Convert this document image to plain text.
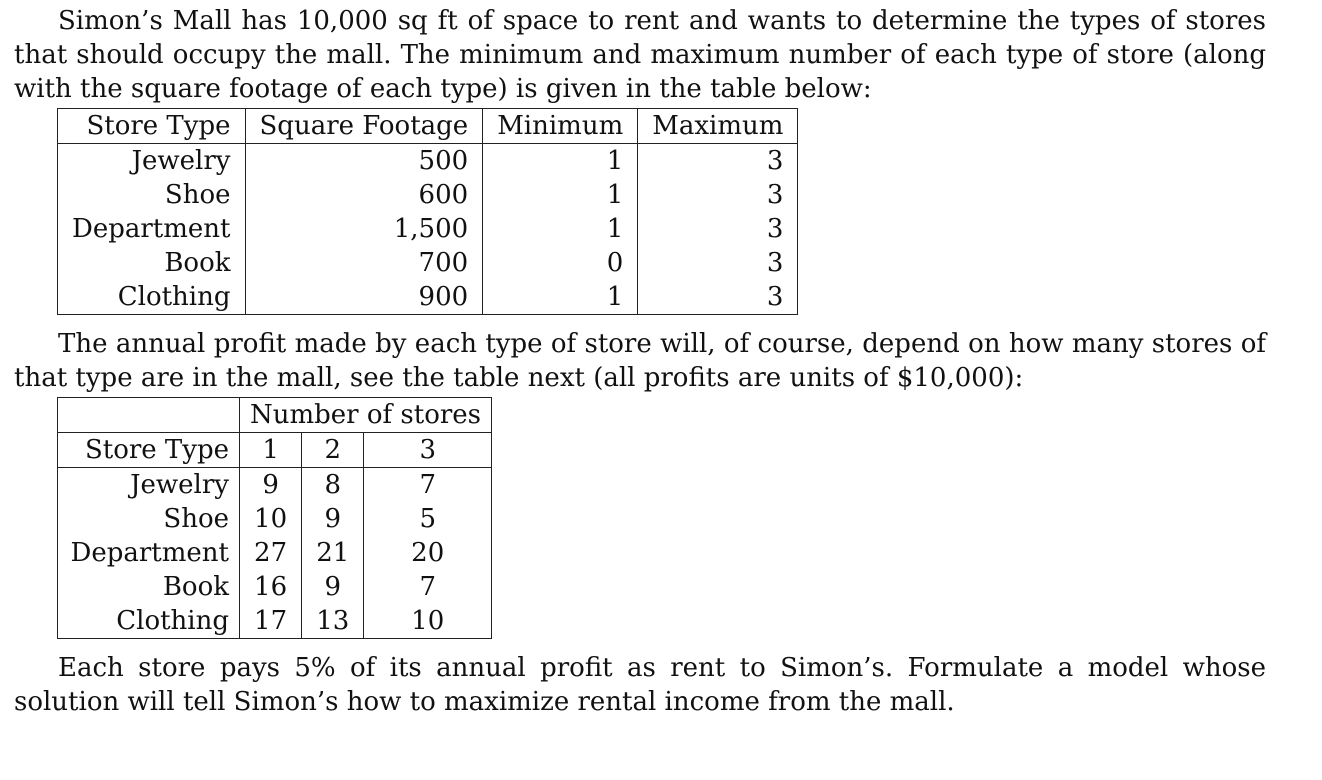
Simon’s Mall has 10,000 sq ft of space to rent and wants to determine the types of stores that should occupy the mall. The minimum and maximum number of each type of store (along with the square footage of each type) is given in the table below:

Store Type	Square Footage	Minimum	Maximum
Jewelry	500	1	3
Shoe	600	1	3
Department	1,500	1	3
Book	700	0	3
Clothing	900	1	3

The annual profit made by each type of store will, of course, depend on how many stores of that type are in the mall, see the table next (all profits are units of $10,000):

	Number of stores		
Store Type	1	2	3
Jewelry	9	8	7
Shoe	10	9	5
Department	27	21	20
Book	16	9	7
Clothing	17	13	10

Each store pays 5% of its annual profit as rent to Simon’s. Formulate a model whose solution will tell Simon’s how to maximize rental income from the mall.
